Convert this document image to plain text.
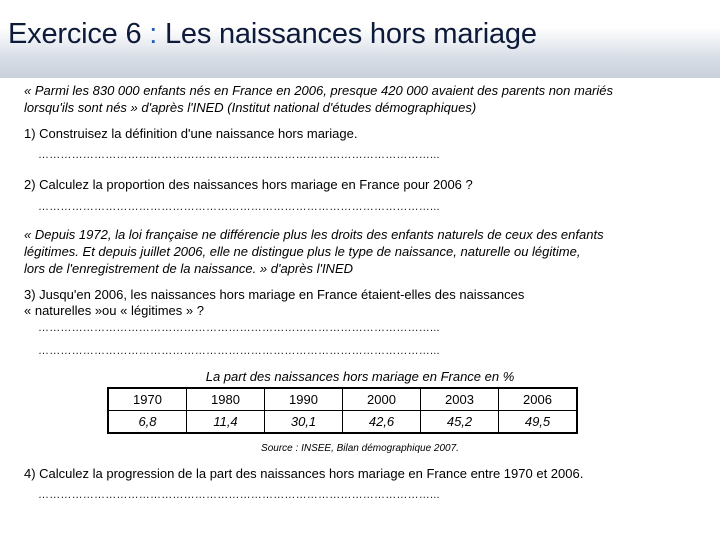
Exercice 6 : Les naissances hors mariage
« Parmi les 830 000 enfants nés en France en 2006, presque 420 000 avaient des parents non mariés
lorsqu'ils sont nés » d'après l'INED (Institut national d'études démographiques)
1) Construisez la définition d'une naissance hors mariage.
……………………………………………………………………………………………...
2) Calculez la proportion des naissances hors mariage en France pour 2006 ?
……………………………………………………………………………………………...
« Depuis 1972, la loi française ne différencie plus les droits des enfants naturels de ceux des enfants
légitimes. Et depuis juillet 2006, elle ne distingue plus le type de naissance, naturelle ou légitime,
lors de l'enregistrement de la naissance. » d'après l'INED
3) Jusqu'en 2006, les naissances hors mariage en France étaient-elles des naissances
« naturelles »ou « légitimes » ?
……………………………………………………………………………………………...
……………………………………………………………………………………………...
La part des naissances hors mariage en France en %
1970	1980	1990	2000	2003	2006
6,8	11,4	30,1	42,6	45,2	49,5
Source : INSEE, Bilan démographique 2007.
4) Calculez la progression de la part des naissances hors mariage en France entre 1970 et 2006.
……………………………………………………………………………………………...
